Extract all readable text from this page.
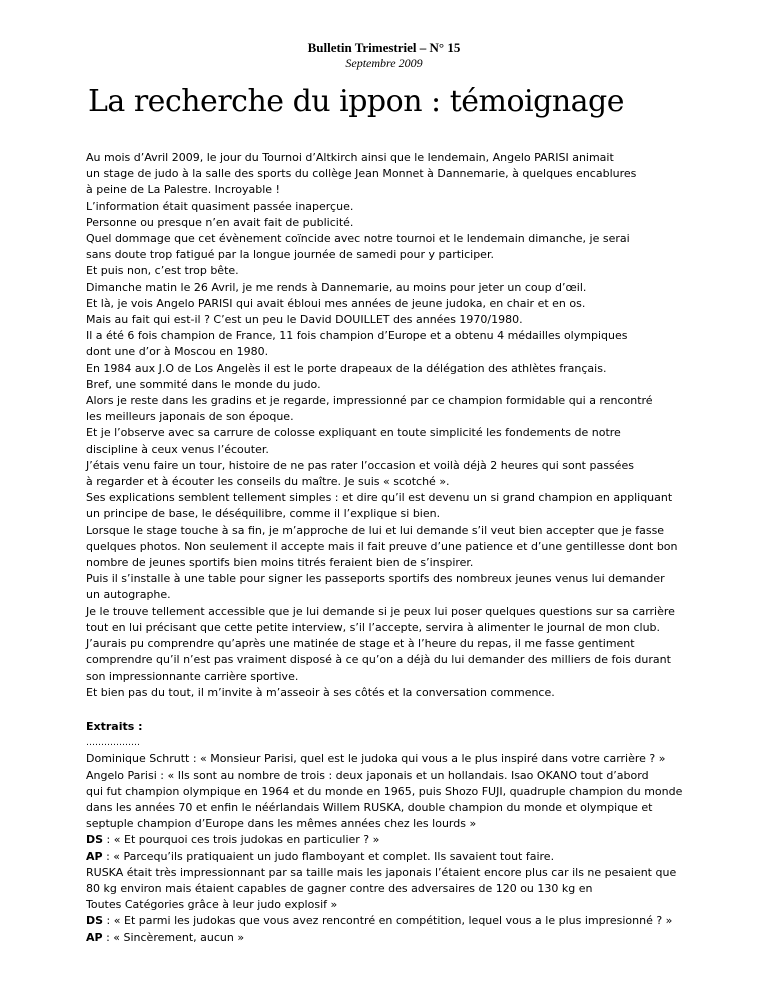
Bulletin Trimestriel – N° 15
Septembre 2009
La recherche du ippon : témoignage
Au mois d’Avril 2009, le jour du Tournoi d’Altkirch ainsi que le lendemain, Angelo PARISI animait
un stage de judo à la salle des sports du collège Jean Monnet à Dannemarie, à quelques encablures
à peine de La Palestre. Incroyable !
L’information était quasiment passée inaperçue.
Personne ou presque n’en avait fait de publicité.
Quel dommage que cet évènement coïncide avec notre tournoi et le lendemain dimanche, je serai
sans doute trop fatigué par la longue journée de samedi pour y participer.
Et puis non, c’est trop bête.
Dimanche matin le 26 Avril, je me rends à Dannemarie, au moins pour jeter un coup d’œil.
Et là, je vois Angelo PARISI qui avait ébloui mes années de jeune judoka, en chair et en os.
Mais au fait qui est-il ? C’est un peu le David DOUILLET des années 1970/1980.
Il a été 6 fois champion de France, 11 fois champion d’Europe et a obtenu 4 médailles olympiques
dont une d’or à Moscou en 1980.
En 1984 aux J.O de Los Angelès il est le porte drapeaux de la délégation des athlètes français.
Bref, une sommité dans le monde du judo.
Alors je reste dans les gradins et je regarde, impressionné par ce champion formidable qui a rencontré
les meilleurs japonais de son époque.
Et je l’observe avec sa carrure de colosse expliquant en toute simplicité les fondements de notre
discipline à ceux venus l’écouter.
J’étais venu faire un tour, histoire de ne pas rater l’occasion et voilà déjà 2 heures qui sont passées
à regarder et à écouter les conseils du maître. Je suis « scotché ».
Ses explications semblent tellement simples : et dire qu’il est devenu un si grand champion en appliquant
un principe de base, le déséquilibre, comme il l’explique si bien.
Lorsque le stage touche à sa fin, je m’approche de lui et lui demande s’il veut bien accepter que je fasse
quelques photos. Non seulement il accepte mais il fait preuve d’une patience et d’une gentillesse dont bon
nombre de jeunes sportifs bien moins titrés feraient bien de s’inspirer.
Puis il s’installe à une table pour signer les passeports sportifs des nombreux jeunes venus lui demander
un autographe.
Je le trouve tellement accessible que je lui demande si je peux lui poser quelques questions sur sa carrière
tout en lui précisant que cette petite interview, s’il l’accepte, servira à alimenter le journal de mon club.
J’aurais pu comprendre qu’après une matinée de stage et à l’heure du repas, il me fasse gentiment
comprendre qu’il n’est pas vraiment disposé à ce qu’on a déjà du lui demander des milliers de fois durant
son impressionnante carrière sportive.
Et bien pas du tout, il m’invite à m’asseoir à ses côtés et la conversation commence.
Extraits :
………………
Dominique Schrutt : « Monsieur Parisi, quel est le judoka qui vous a le plus inspiré dans votre carrière ? »
Angelo Parisi : « Ils sont au nombre de trois : deux japonais et un hollandais. Isao OKANO tout d’abord
qui fut champion olympique en 1964 et du monde en 1965, puis Shozo FUJI, quadruple champion du monde
dans les années 70 et enfin le néérlandais Willem RUSKA, double champion du monde et olympique et
septuple champion d’Europe dans les mêmes années chez les lourds »
DS : « Et pourquoi ces trois judokas en particulier ? »
AP : « Parcequ’ils pratiquaient un judo flamboyant et complet. Ils savaient tout faire.
RUSKA était très impressionnant par sa taille mais les japonais l’étaient encore plus car ils ne pesaient que
80 kg environ mais étaient capables de gagner contre des adversaires de 120 ou 130 kg en
Toutes Catégories grâce à leur judo explosif »
DS : « Et parmi les judokas que vous avez rencontré en compétition, lequel vous a le plus impresionné ? »
AP : « Sincèrement, aucun »
